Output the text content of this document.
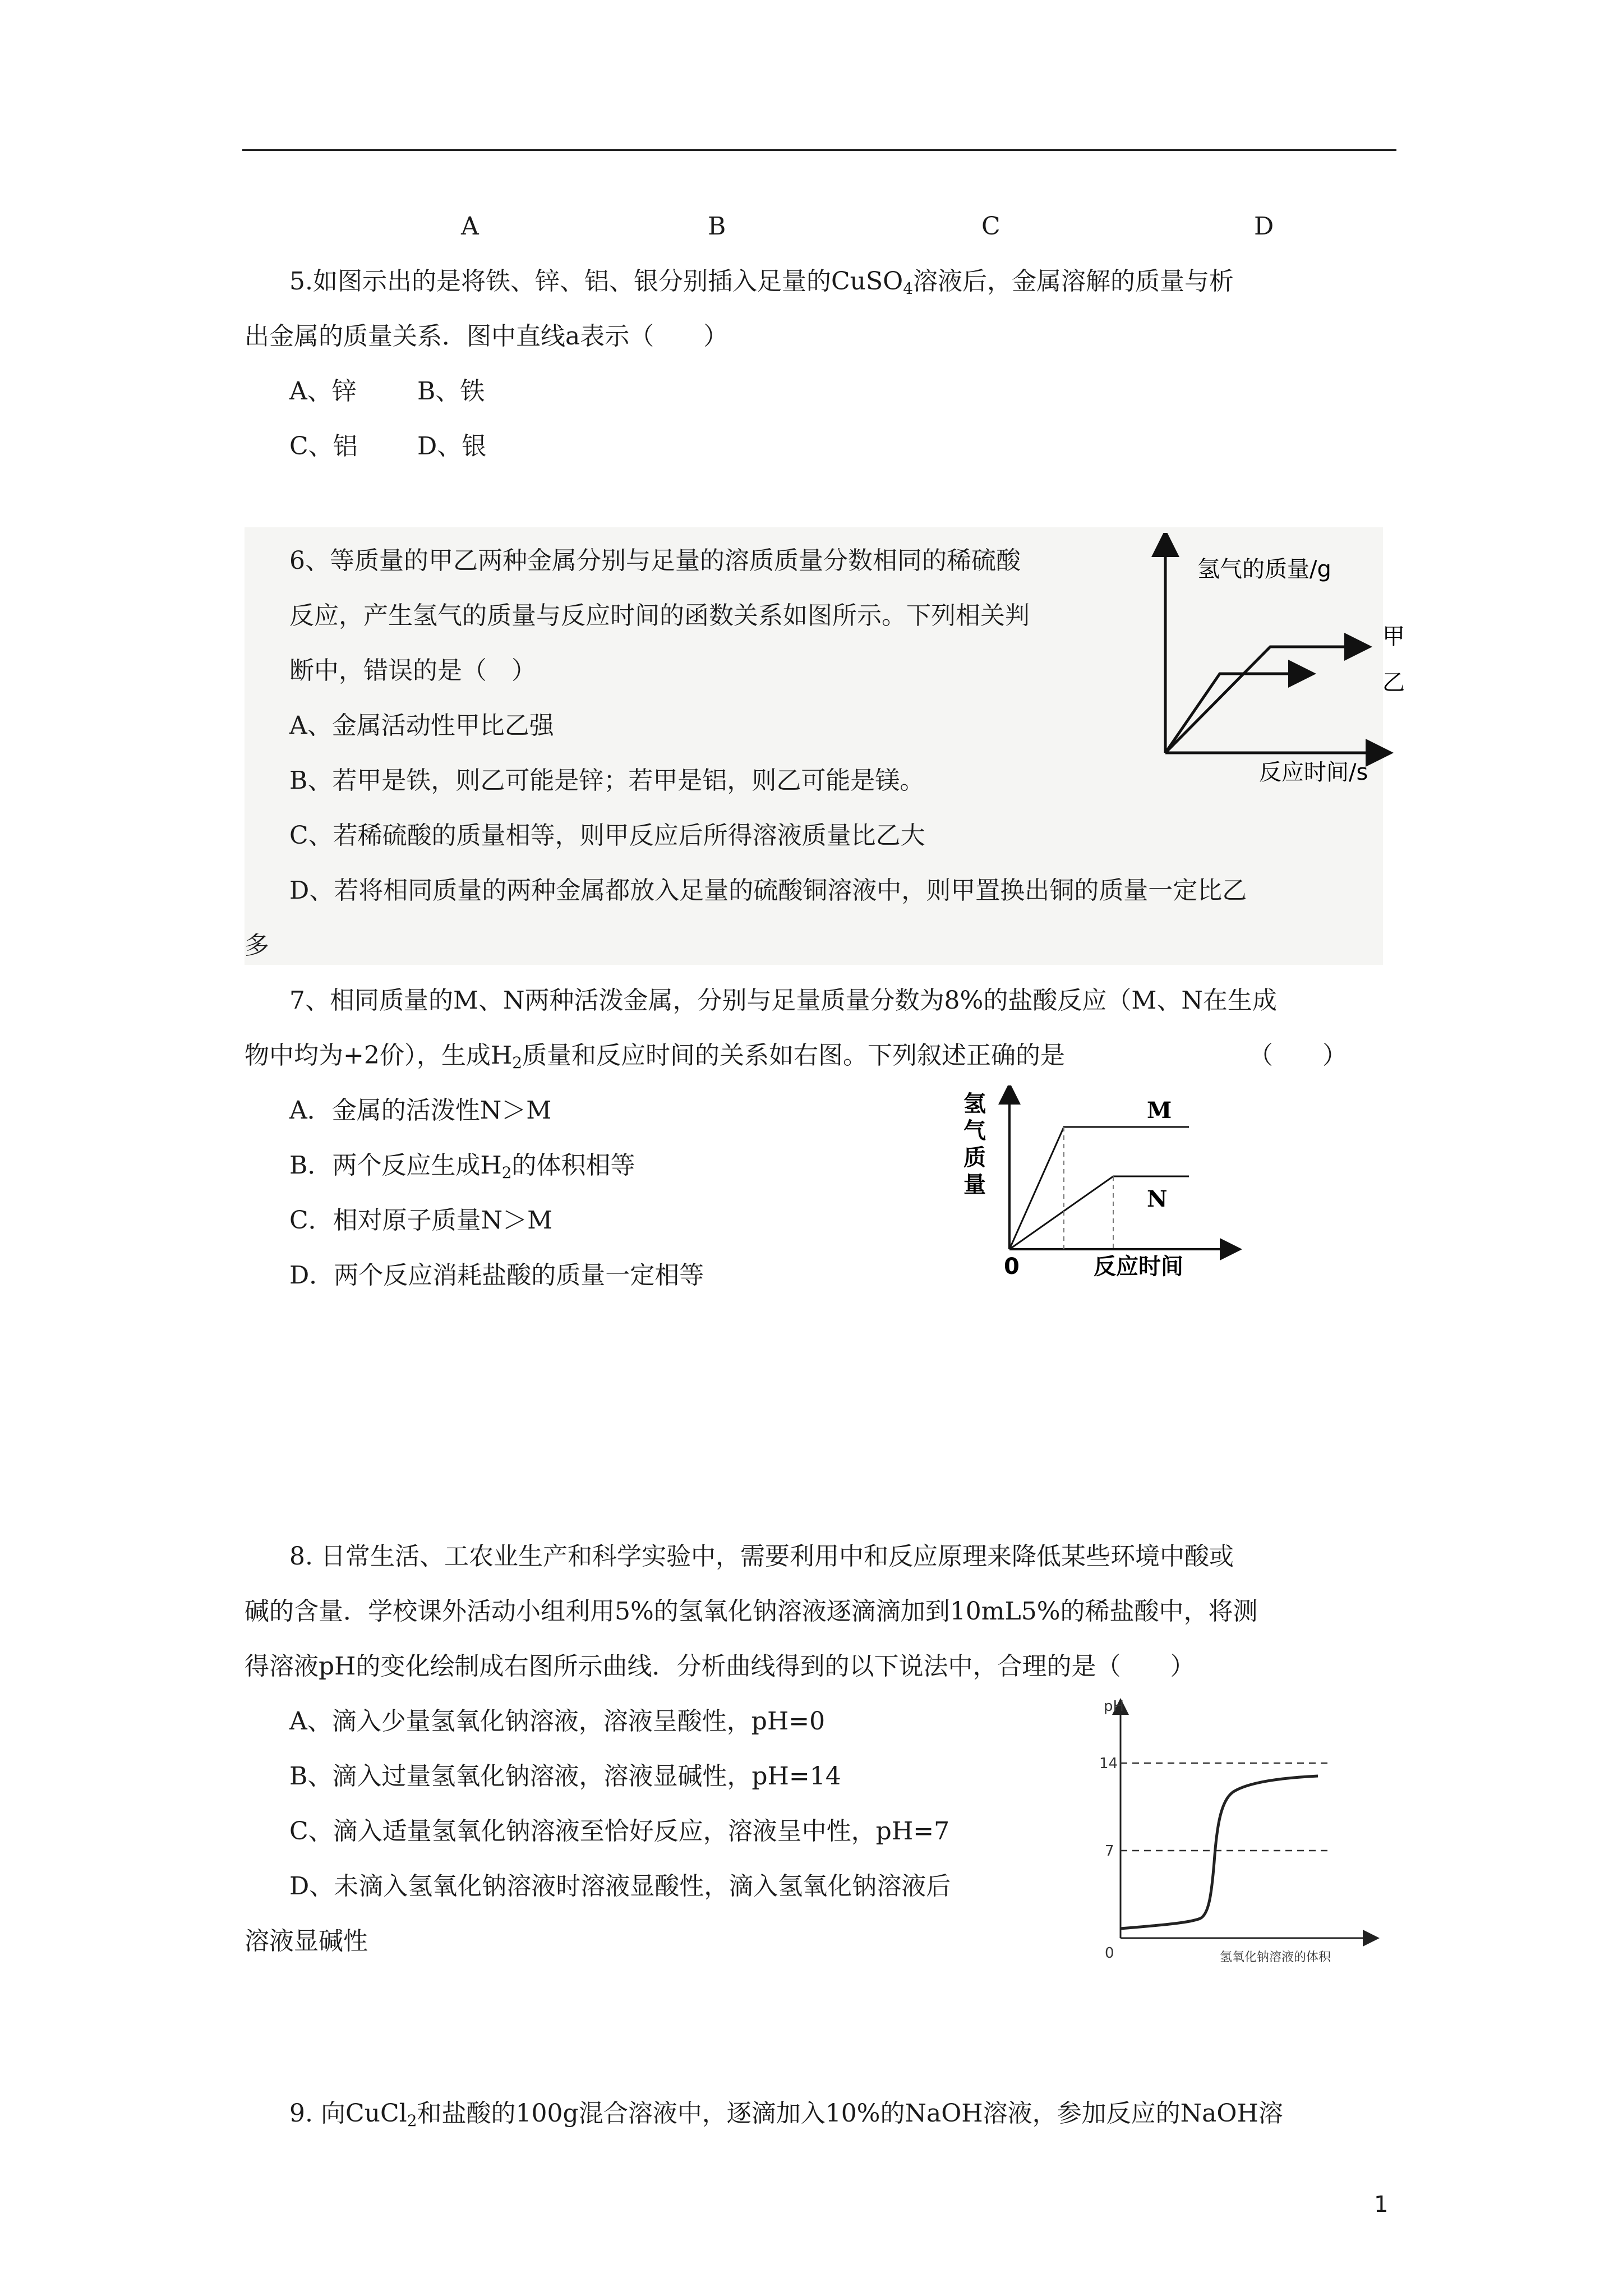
A	B	C	D
5.如图示出的是将铁、锌、铝、银分别插入足量的CuSO$_4$溶液后，金属溶解的质量与析
出金属的质量关系．图中直线a表示（　　）
A、锌 B、铁
C、铝 D、银
6、等质量的甲乙两种金属分别与足量的溶质质量分数相同的稀硫酸
反应，产生氢气的质量与反应时间的函数关系如图所示。下列相关判
断中，错误的是（　）
A、金属活动性甲比乙强
B、若甲是铁，则乙可能是锌；若甲是铝，则乙可能是镁。
C、若稀硫酸的质量相等，则甲反应后所得溶液质量比乙大
D、若将相同质量的两种金属都放入足量的硫酸铜溶液中，则甲置换出铜的质量一定比乙
多
氢气的质量/g
反应时间/s
甲
乙
7、相同质量的M、N两种活泼金属，分别与足量质量分数为8%的盐酸反应（M、N在生成
物中均为+2价），生成$H_2$质量和反应时间的关系如右图。下列叙述正确的是	（　　）
A．金属的活泼性N＞M
B．两个反应生成$H_2$的体积相等
C．相对原子质量N＞M
D．两个反应消耗盐酸的质量一定相等
氢
气
质
量
M
N
0	反应时间
8. 日常生活、工农业生产和科学实验中，需要利用中和反应原理来降低某些环境中酸或
碱的含量．学校课外活动小组利用5%的氢氧化钠溶液逐滴滴加到10mL5%的稀盐酸中，将测
得溶液pH的变化绘制成右图所示曲线．分析曲线得到的以下说法中，合理的是（　　）
A、滴入少量氢氧化钠溶液，溶液呈酸性，pH=0
B、滴入过量氢氧化钠溶液，溶液显碱性，pH=14
C、滴入适量氢氧化钠溶液至恰好反应，溶液呈中性，pH=7
D、未滴入氢氧化钠溶液时溶液显酸性，滴入氢氧化钠溶液后
溶液显碱性
pH
14
7
0	氢氧化钠溶液的体积
9. 向CuCl$_2$和盐酸的100g混合溶液中，逐滴加入10%的NaOH溶液，参加反应的NaOH溶
1
